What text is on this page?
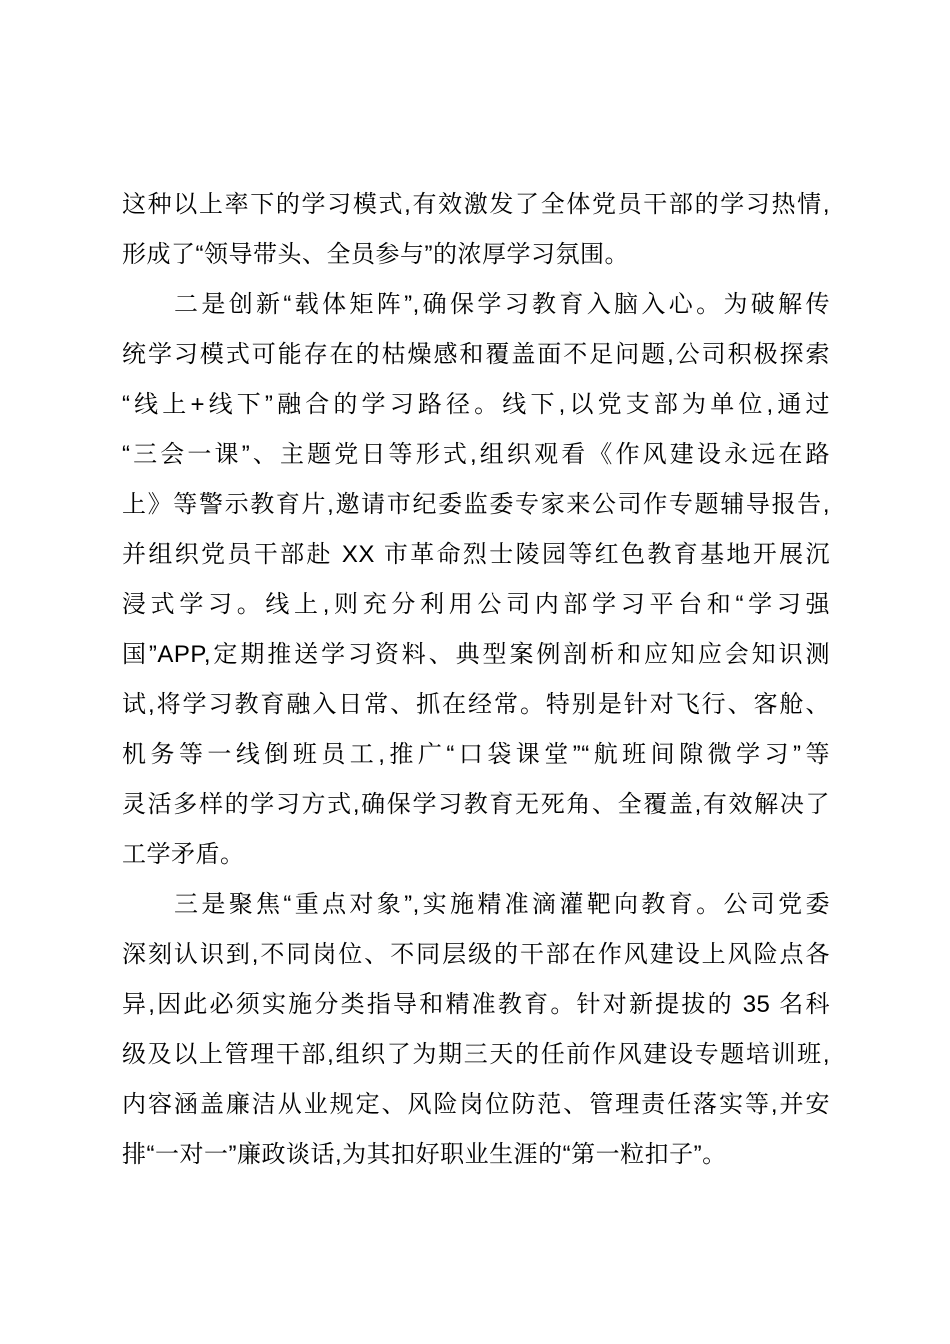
这种以上率下的学习模式,有效激发了全体党员干部的学习热情,
形成了“领导带头、全员参与”的浓厚学习氛围。
二是创新“载体矩阵”,确保学习教育入脑入心。为破解传
统学习模式可能存在的枯燥感和覆盖面不足问题,公司积极探索
“线上+线下”融合的学习路径。线下,以党支部为单位,通过
“三会一课”、主题党日等形式,组织观看《作风建设永远在路
上》等警示教育片,邀请市纪委监委专家来公司作专题辅导报告,
并组织党员干部赴 XX 市革命烈士陵园等红色教育基地开展沉
浸式学习。线上,则充分利用公司内部学习平台和“学习强
国”APP,定期推送学习资料、典型案例剖析和应知应会知识测
试,将学习教育融入日常、抓在经常。特别是针对飞行、客舱、
机务等一线倒班员工,推广“口袋课堂”“航班间隙微学习”等
灵活多样的学习方式,确保学习教育无死角、全覆盖,有效解决了
工学矛盾。
三是聚焦“重点对象”,实施精准滴灌靶向教育。公司党委
深刻认识到,不同岗位、不同层级的干部在作风建设上风险点各
异,因此必须实施分类指导和精准教育。针对新提拔的 35 名科
级及以上管理干部,组织了为期三天的任前作风建设专题培训班,
内容涵盖廉洁从业规定、风险岗位防范、管理责任落实等,并安
排“一对一”廉政谈话,为其扣好职业生涯的“第一粒扣子”。
